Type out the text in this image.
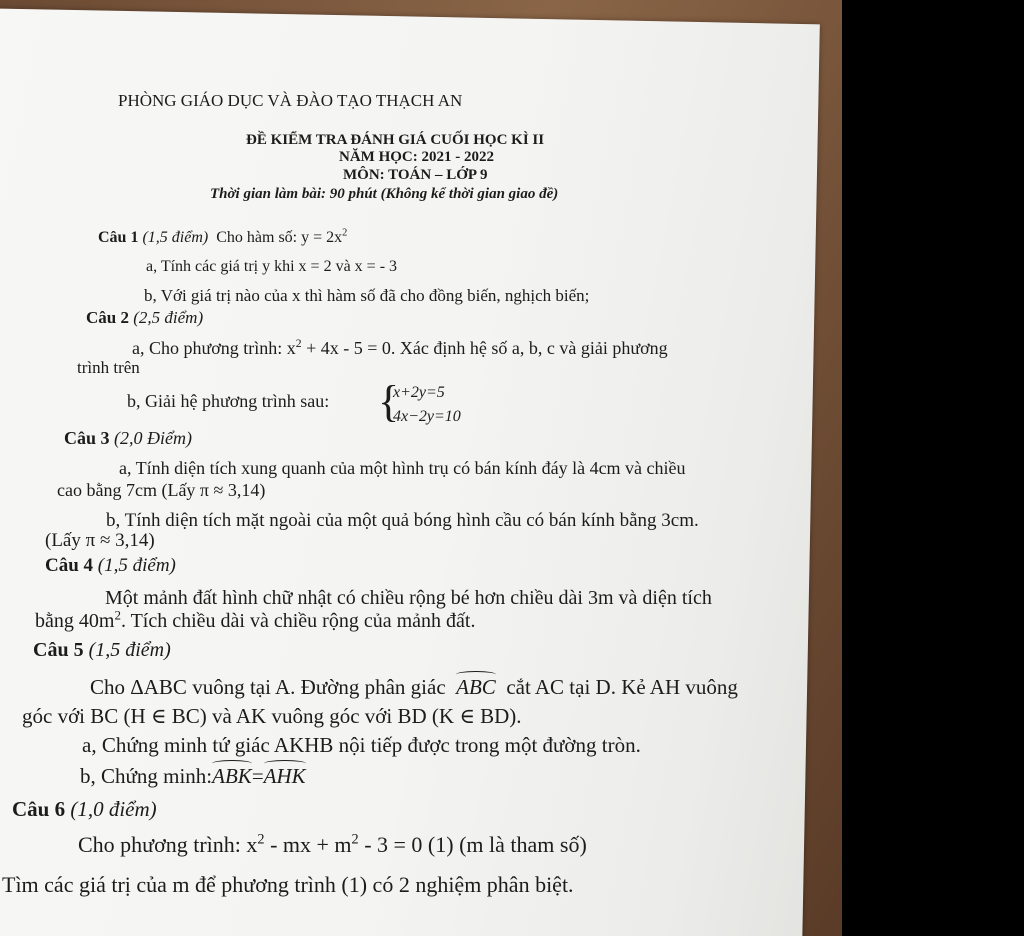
PHÒNG GIÁO DỤC VÀ ĐÀO TẠO THẠCH AN
ĐỀ KIỂM TRA ĐÁNH GIÁ CUỐI HỌC KÌ II
NĂM HỌC: 2021 - 2022
MÔN: TOÁN – LỚP 9
Thời gian làm bài: 90 phút (Không kể thời gian giao đề)
Câu 1 (1,5 điểm) Cho hàm số: $y = 2x^2$
a, Tính các giá trị y khi x = 2 và x = - 3
b, Với giá trị nào của x thì hàm số đã cho đồng biến, nghịch biến;
Câu 2 (2,5 điểm)
a, Cho phương trình: $x^2 + 4x - 5 = 0$. Xác định hệ số a, b, c và giải phương
trình trên
b, Giải hệ phương trình sau: {
x+2y=5
4x−2y=10
Câu 3 (2,0 Điểm)
a, Tính diện tích xung quanh của một hình trụ có bán kính đáy là 4cm và chiều
cao bằng 7cm (Lấy π ≈ 3,14)
b, Tính diện tích mặt ngoài của một quả bóng hình cầu có bán kính bằng 3cm.
(Lấy π ≈ 3,14)
Câu 4 (1,5 điểm)
Một mảnh đất hình chữ nhật có chiều rộng bé hơn chiều dài 3m và diện tích
bằng $40m^2$. Tích chiều dài và chiều rộng của mảnh đất.
Câu 5 (1,5 điểm)
Cho ΔABC vuông tại A. Đường phân giác ABC cắt AC tại D. Kẻ AH vuông
góc với BC (H ∈ BC) và AK vuông góc với BD (K ∈ BD).
a, Chứng minh tứ giác AKHB nội tiếp được trong một đường tròn.
b, Chứng minh:ABK=AHK
Câu 6 (1,0 điểm)
Cho phương trình: $x^2$ - mx + $m^2 - 3 = 0$ (1) (m là tham số)
Tìm các giá trị của m để phương trình (1) có 2 nghiệm phân biệt.
